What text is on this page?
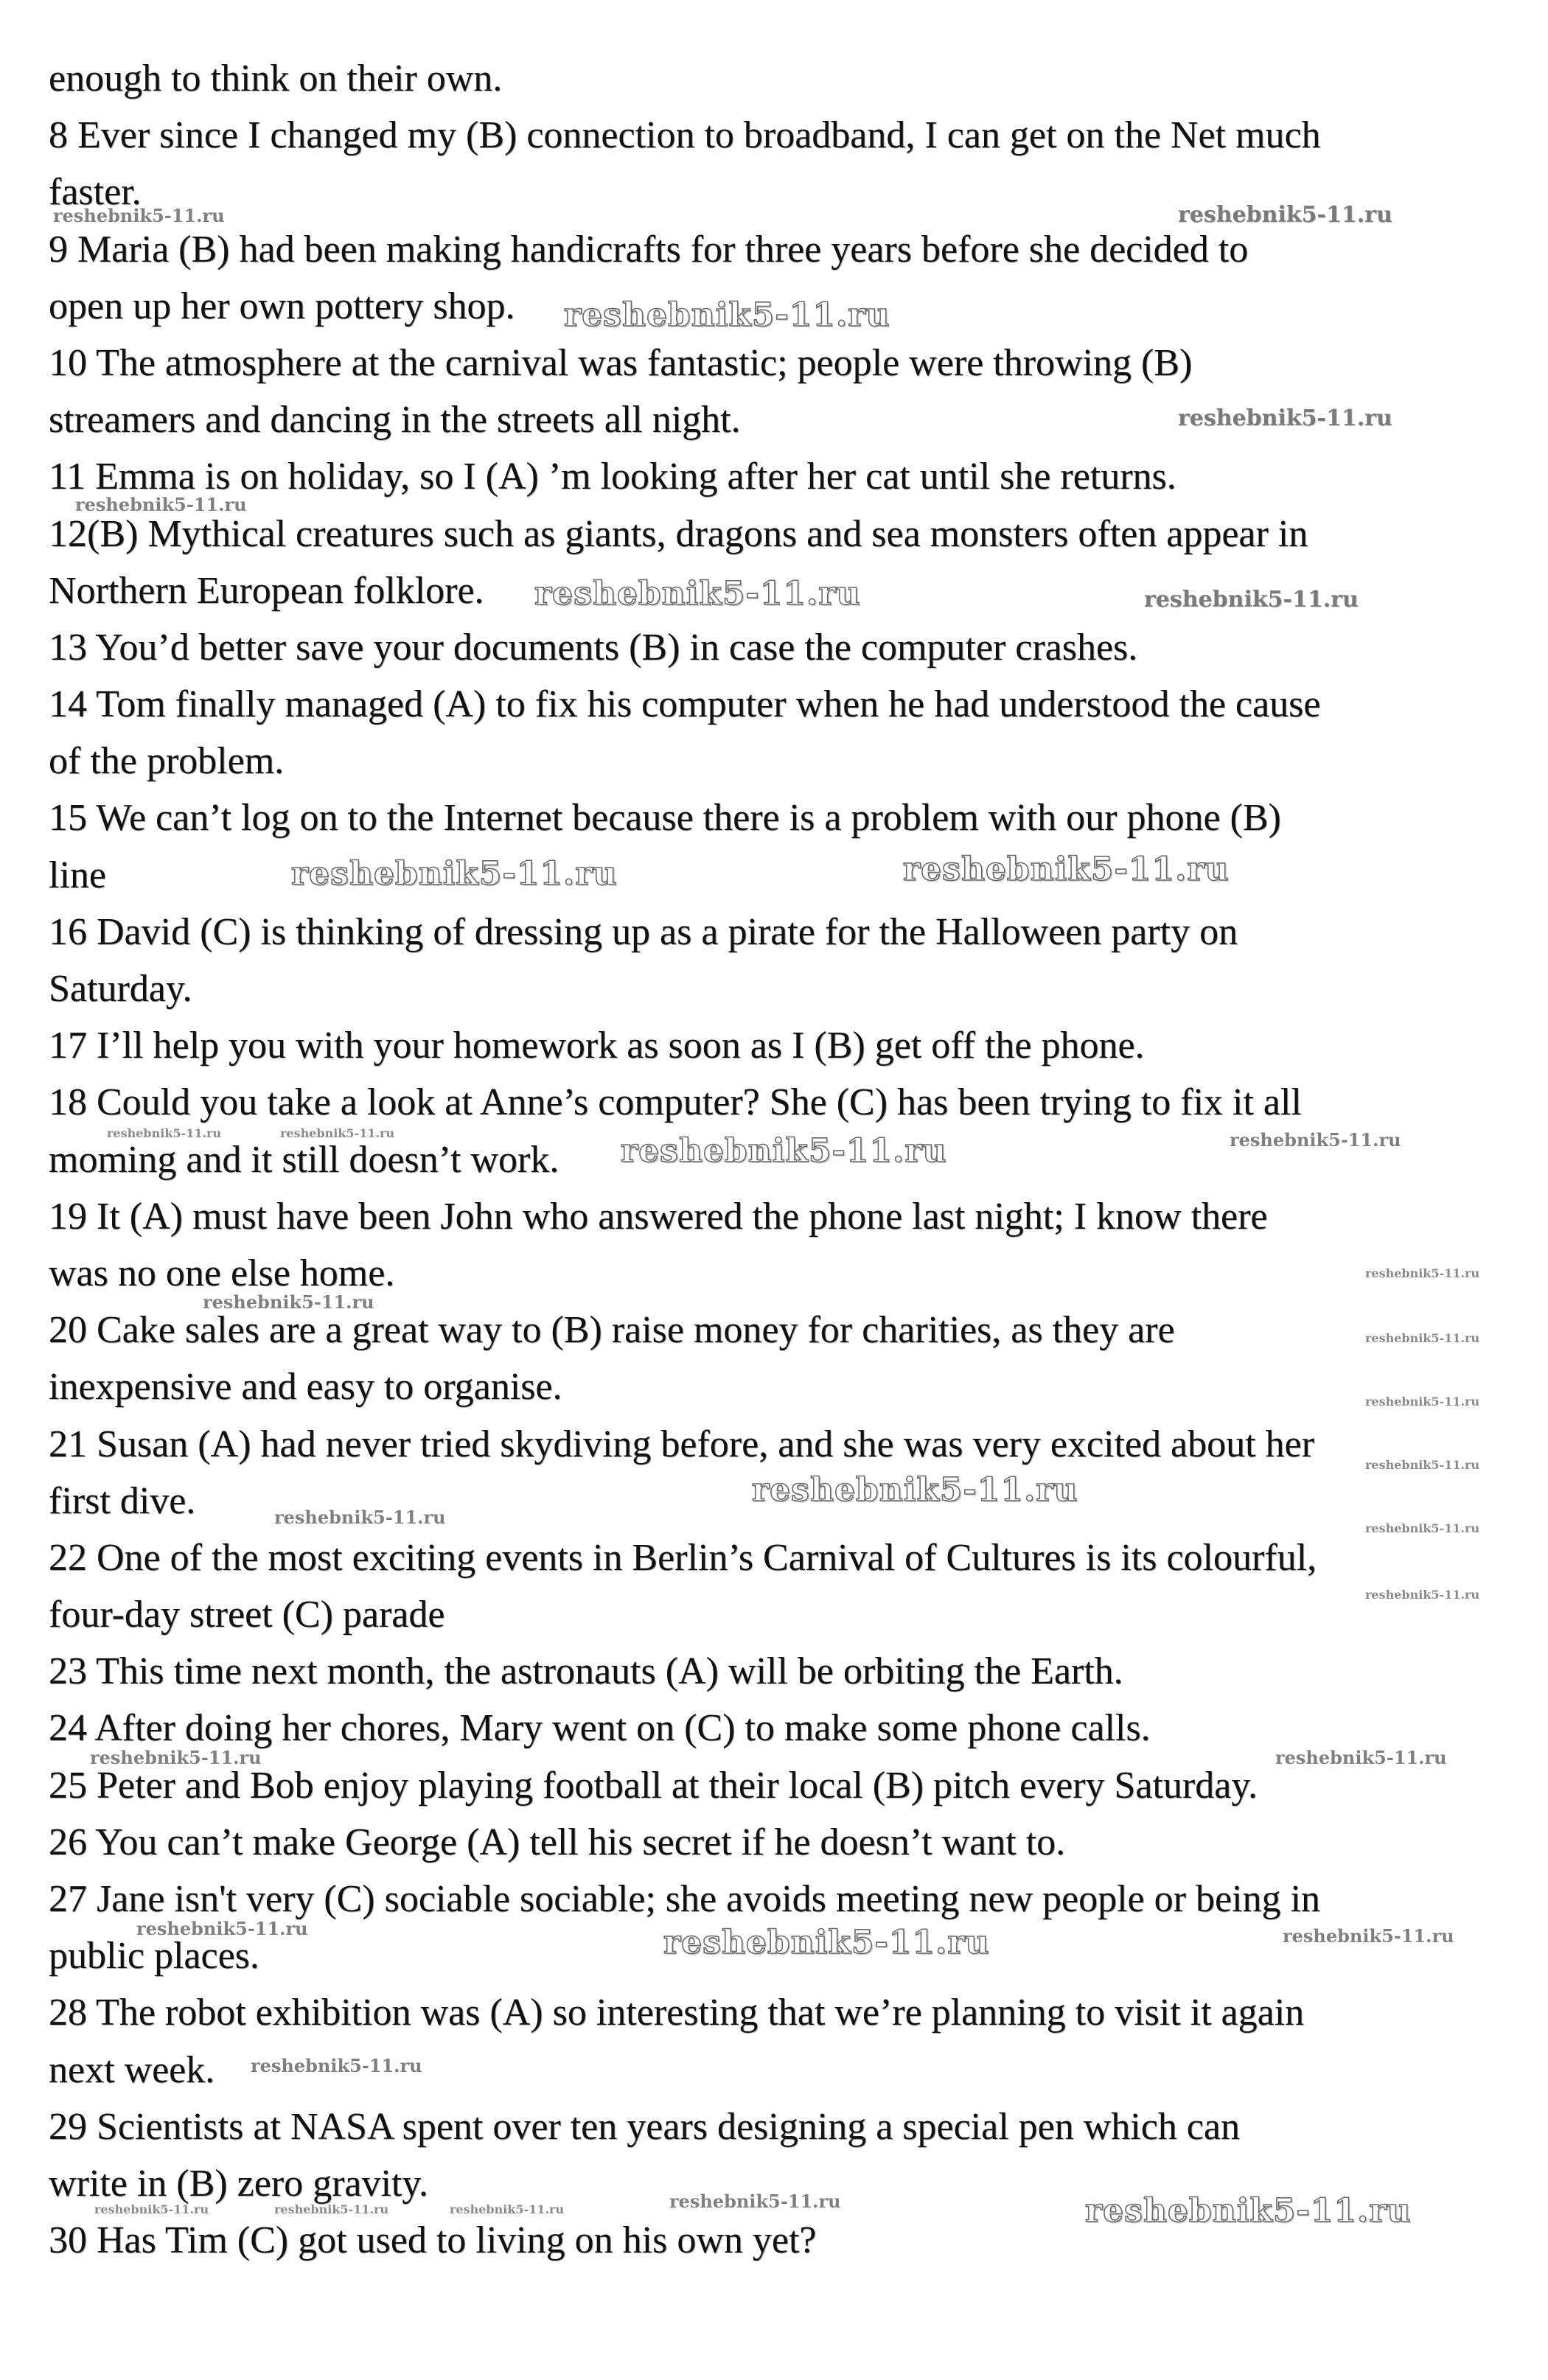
enough to think on their own.
8 Ever since I changed my (B) connection to broadband, I can get on the Net much
faster.
9 Maria (B) had been making handicrafts for three years before she decided to
open up her own pottery shop.
10 The atmosphere at the carnival was fantastic; people were throwing (B)
streamers and dancing in the streets all night.
11 Emma is on holiday, so I (A) ’m looking after her cat until she returns.
12(B) Mythical creatures such as giants, dragons and sea monsters often appear in
Northern European folklore.
13 You’d better save your documents (B) in case the computer crashes.
14 Tom finally managed (A) to fix his computer when he had understood the cause
of the problem.
15 We can’t log on to the Internet because there is a problem with our phone (B)
line
16 David (C) is thinking of dressing up as a pirate for the Halloween party on
Saturday.
17 I’ll help you with your homework as soon as I (B) get off the phone.
18 Could you take a look at Anne’s computer? She (C) has been trying to fix it all
moming and it still doesn’t work.
19 It (A) must have been John who answered the phone last night; I know there
was no one else home.
20 Cake sales are a great way to (B) raise money for charities, as they are
inexpensive and easy to organise.
21 Susan (A) had never tried skydiving before, and she was very excited about her
first dive.
22 One of the most exciting events in Berlin’s Carnival of Cultures is its colourful,
four-day street (C) parade
23 This time next month, the astronauts (A) will be orbiting the Earth.
24 After doing her chores, Mary went on (C) to make some phone calls.
25 Peter and Bob enjoy playing football at their local (B) pitch every Saturday.
26 You can’t make George (A) tell his secret if he doesn’t want to.
27 Jane isn't very (C) sociable sociable; she avoids meeting new people or being in
public places.
28 The robot exhibition was (A) so interesting that we’re planning to visit it again
next week.
29 Scientists at NASA spent over ten years designing a special pen which can
write in (B) zero gravity.
30 Has Tim (C) got used to living on his own yet?
reshebnik5-11.ru	reshebnik5-11.ru
reshebnik5-11.ru
reshebnik5-11.ru
reshebnik5-11.ru
reshebnik5-11.ru	reshebnik5-11.ru
reshebnik5-11.ru	reshebnik5-11.ru
reshebnik5-11.ru	reshebnik5-11.ru	reshebnik5-11.ru	reshebnik5-11.ru
reshebnik5-11.ru
reshebnik5-11.ru
reshebnik5-11.ru
reshebnik5-11.ru
reshebnik5-11.ru
reshebnik5-11.ru
reshebnik5-11.ru
reshebnik5-11.ru
reshebnik5-11.ru
reshebnik5-11.ru	reshebnik5-11.ru
reshebnik5-11.ru	reshebnik5-11.ru	reshebnik5-11.ru
reshebnik5-11.ru
reshebnik5-11.ru	reshebnik5-11.ru	reshebnik5-11.ru	reshebnik5-11.ru	reshebnik5-11.ru
